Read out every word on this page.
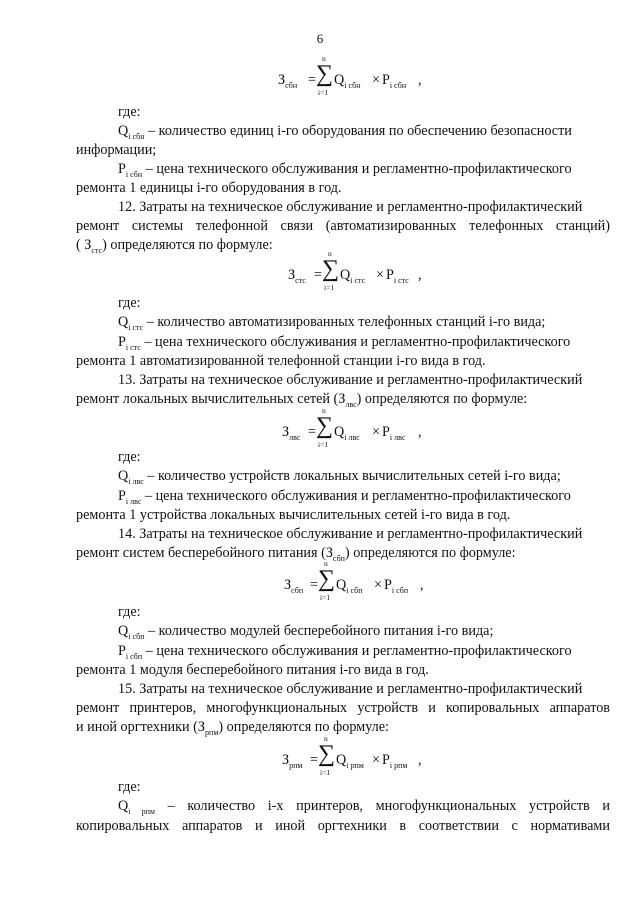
6
$З_{сбн}$ =
n
∑
i=1
$Q_{i сбн} \times P_{i сбн}$ ,
где:
$Q_{i сбн}$ – количество единиц i-го оборудования по обеспечению безопасности
информации;
$P_{i сбн}$ – цена технического обслуживания и регламентно-профилактического
ремонта 1 единицы i-го оборудования в год.
12. Затраты на техническое обслуживание и регламентно-профилактический
ремонт системы телефонной связи (автоматизированных телефонных станций)
( $З_{стс}$) определяются по формуле:
$З_{стс}$ =
n
∑
i=1
$Q_{i стс} \times P_{i стс}$ ,
где:
$Q_{i стс}$ – количество автоматизированных телефонных станций i-го вида;
$P_{i стс}$ – цена технического обслуживания и регламентно-профилактического
ремонта 1 автоматизированной телефонной станции i-го вида в год.
13. Затраты на техническое обслуживание и регламентно-профилактический
ремонт локальных вычислительных сетей $(З_{лвс})$ определяются по формуле:
$З_{лвс}$ =
n
∑
i=1
$Q_{i лвс} \times P_{i лвс}$ ,
где:
$Q_{i лвс}$ – количество устройств локальных вычислительных сетей i-го вида;
$P_{i лвс}$ – цена технического обслуживания и регламентно-профилактического
ремонта 1 устройства локальных вычислительных сетей i-го вида в год.
14. Затраты на техническое обслуживание и регламентно-профилактический
ремонт систем бесперебойного питания $(З_{сбп})$ определяются по формуле:
$З_{сбп}$ =
n
∑
i=1
$Q_{i сбп} \times P_{i сбп}$ ,
где:
$Q_{i сбп}$ – количество модулей бесперебойного питания i-го вида;
$P_{i сбп}$ – цена технического обслуживания и регламентно-профилактического
ремонта 1 модуля бесперебойного питания i-го вида в год.
15. Затраты на техническое обслуживание и регламентно-профилактический
ремонт принтеров, многофункциональных устройств и копировальных аппаратов
и иной оргтехники $(З_{рпм})$ определяются по формуле:
$З_{рпм}$ =
n
∑
i=1
$Q_{i рпм} \times P_{i рпм}$ ,
где:
$Q_{i рпм}$ – количество i-х принтеров, многофункциональных устройств и
копировальных аппаратов и иной оргтехники в соответствии с нормативами
